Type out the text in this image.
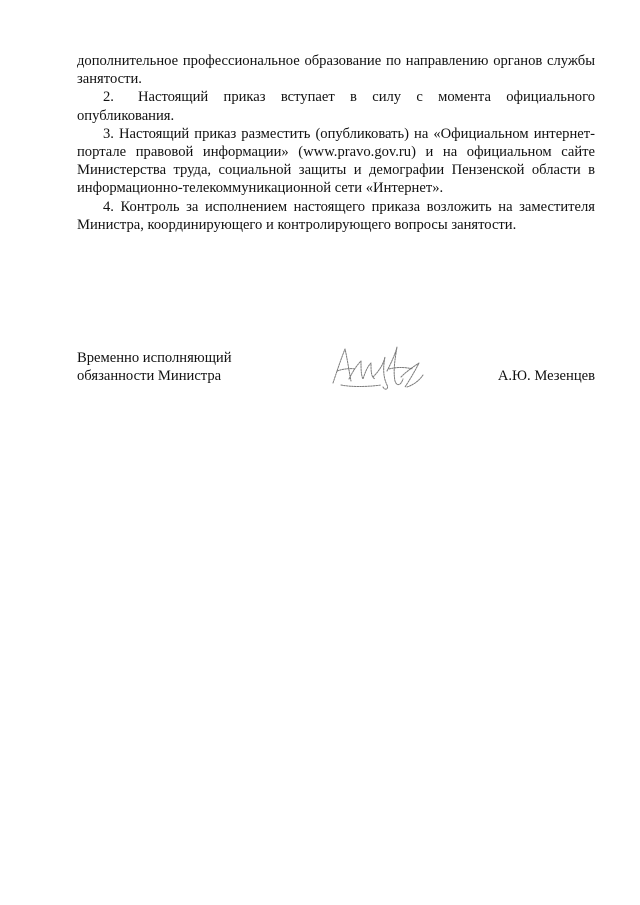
дополнительное профессиональное образование по направлению органов службы занятости.

2. Настоящий приказ вступает в силу с момента официального опубликования.

3. Настоящий приказ разместить (опубликовать) на «Официальном интернет-портале правовой информации» (www.pravo.gov.ru) и на официальном сайте Министерства труда, социальной защиты и демографии Пензенской области в информационно-телекоммуникационной сети «Интернет».

4. Контроль за исполнением настоящего приказа возложить на заместителя Министра, координирующего и контролирующего вопросы занятости.

Временно исполняющий
обязанности Министра	А.Ю. Мезенцев
